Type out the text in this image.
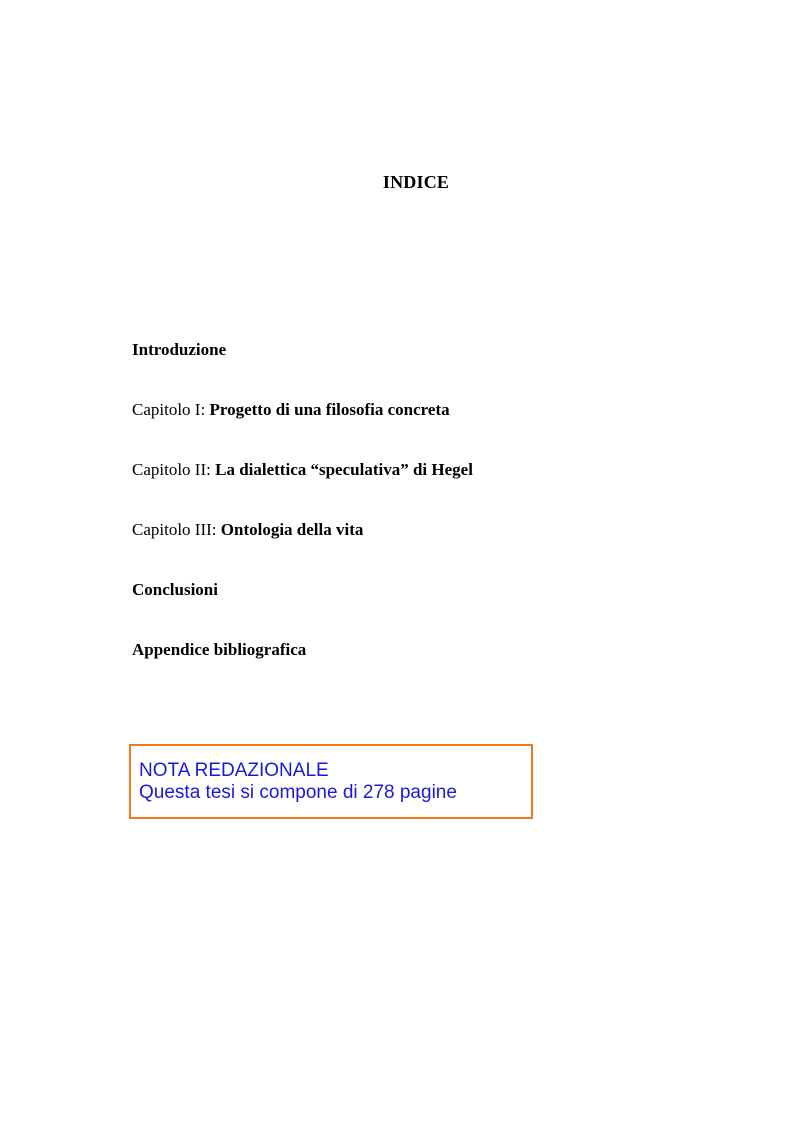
INDICE
Introduzione
Capitolo I: Progetto di una filosofia concreta
Capitolo II: La dialettica “speculativa” di Hegel
Capitolo III: Ontologia della vita
Conclusioni
Appendice bibliografica
NOTA REDAZIONALE
Questa tesi si compone di 278 pagine
